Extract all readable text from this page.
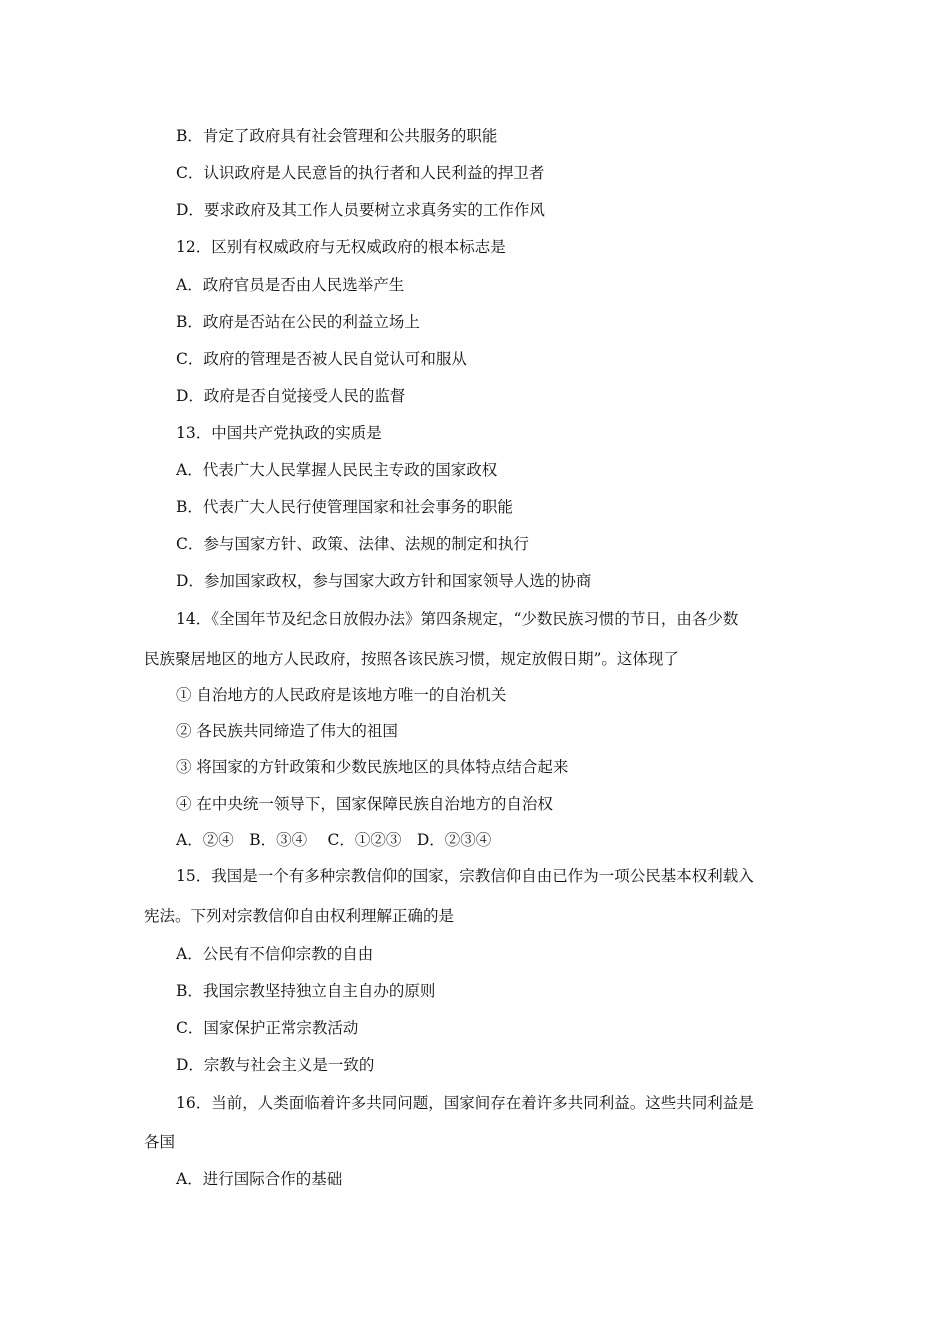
B．肯定了政府具有社会管理和公共服务的职能
C．认识政府是人民意旨的执行者和人民利益的捍卫者
D．要求政府及其工作人员要树立求真务实的工作作风
12．区别有权威政府与无权威政府的根本标志是
A．政府官员是否由人民选举产生
B．政府是否站在公民的利益立场上
C．政府的管理是否被人民自觉认可和服从
D．政府是否自觉接受人民的监督
13．中国共产党执政的实质是
A．代表广大人民掌握人民民主专政的国家政权
B．代表广大人民行使管理国家和社会事务的职能
C．参与国家方针、政策、法律、法规的制定和执行
D．参加国家政权，参与国家大政方针和国家领导人选的协商
14．《全国年节及纪念日放假办法》第四条规定，“少数民族习惯的节日，由各少数
民族聚居地区的地方人民政府，按照各该民族习惯，规定放假日期”。这体现了
① 自治地方的人民政府是该地方唯一的自治机关
② 各民族共同缔造了伟大的祖国
③ 将国家的方针政策和少数民族地区的具体特点结合起来
④ 在中央统一领导下，国家保障民族自治地方的自治权
A．②④　B．③④　 C．①②③　D．②③④
15．我国是一个有多种宗教信仰的国家，宗教信仰自由已作为一项公民基本权利载入
宪法。下列对宗教信仰自由权利理解正确的是
A．公民有不信仰宗教的自由
B．我国宗教坚持独立自主自办的原则
C．国家保护正常宗教活动
D．宗教与社会主义是一致的
16．当前，人类面临着许多共同问题，国家间存在着许多共同利益。这些共同利益是
各国
A．进行国际合作的基础
